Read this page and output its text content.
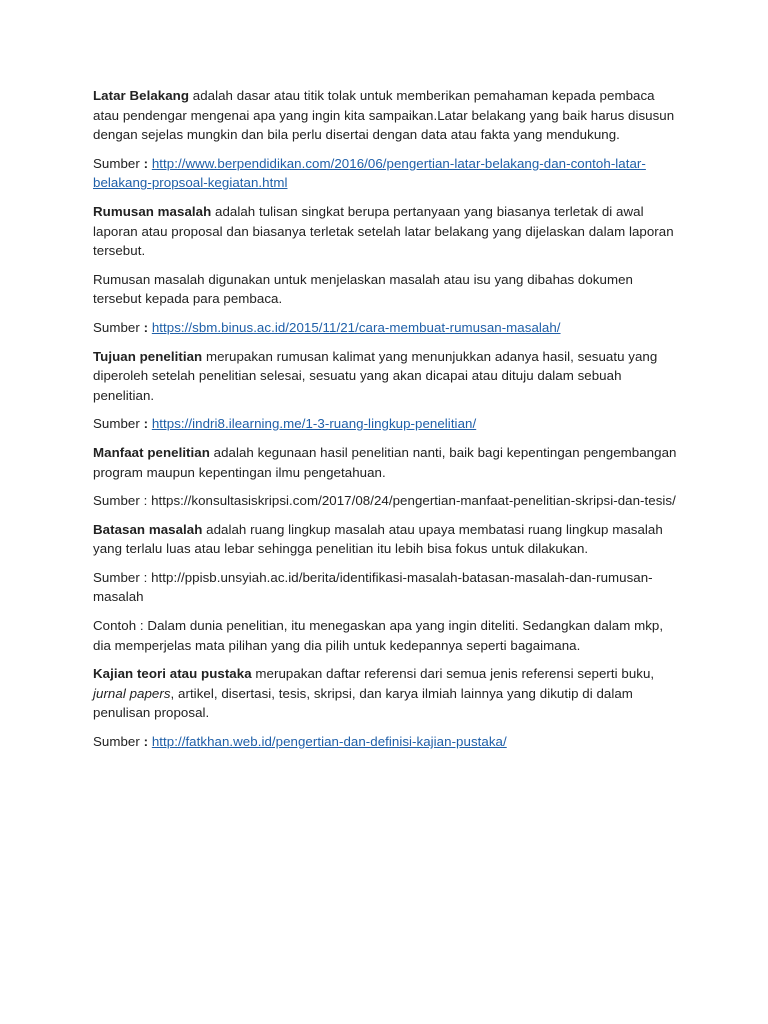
Latar Belakang adalah dasar atau titik tolak untuk memberikan pemahaman kepada pembaca atau pendengar mengenai apa yang ingin kita sampaikan.Latar belakang yang baik harus disusun dengan sejelas mungkin dan bila perlu disertai dengan data atau fakta yang mendukung.

Sumber : http://www.berpendidikan.com/2016/06/pengertian-latar-belakang-dan-contoh-latar-belakang-propsoal-kegiatan.html

Rumusan masalah adalah tulisan singkat berupa pertanyaan yang biasanya terletak di awal laporan atau proposal dan biasanya terletak setelah latar belakang yang dijelaskan dalam laporan tersebut.

Rumusan masalah digunakan untuk menjelaskan masalah atau isu yang dibahas dokumen tersebut kepada para pembaca.

Sumber : https://sbm.binus.ac.id/2015/11/21/cara-membuat-rumusan-masalah/

Tujuan penelitian merupakan rumusan kalimat yang menunjukkan adanya hasil, sesuatu yang diperoleh setelah penelitian selesai, sesuatu yang akan dicapai atau dituju dalam sebuah penelitian.

Sumber : https://indri8.ilearning.me/1-3-ruang-lingkup-penelitian/

Manfaat penelitian adalah kegunaan hasil penelitian nanti, baik bagi kepentingan pengembangan program maupun kepentingan ilmu pengetahuan.

Sumber : https://konsultasiskripsi.com/2017/08/24/pengertian-manfaat-penelitian-skripsi-dan-tesis/

Batasan masalah adalah ruang lingkup masalah atau upaya membatasi ruang lingkup masalah yang terlalu luas atau lebar sehingga penelitian itu lebih bisa fokus untuk dilakukan.

Sumber : http://ppisb.unsyiah.ac.id/berita/identifikasi-masalah-batasan-masalah-dan-rumusan-masalah

Contoh : Dalam dunia penelitian, itu menegaskan apa yang ingin diteliti. Sedangkan dalam mkp, dia memperjelas mata pilihan yang dia pilih untuk kedepannya seperti bagaimana.

Kajian teori atau pustaka merupakan daftar referensi dari semua jenis referensi seperti buku, jurnal papers, artikel, disertasi, tesis, skripsi, dan karya ilmiah lainnya yang dikutip di dalam penulisan proposal.

Sumber : http://fatkhan.web.id/pengertian-dan-definisi-kajian-pustaka/
